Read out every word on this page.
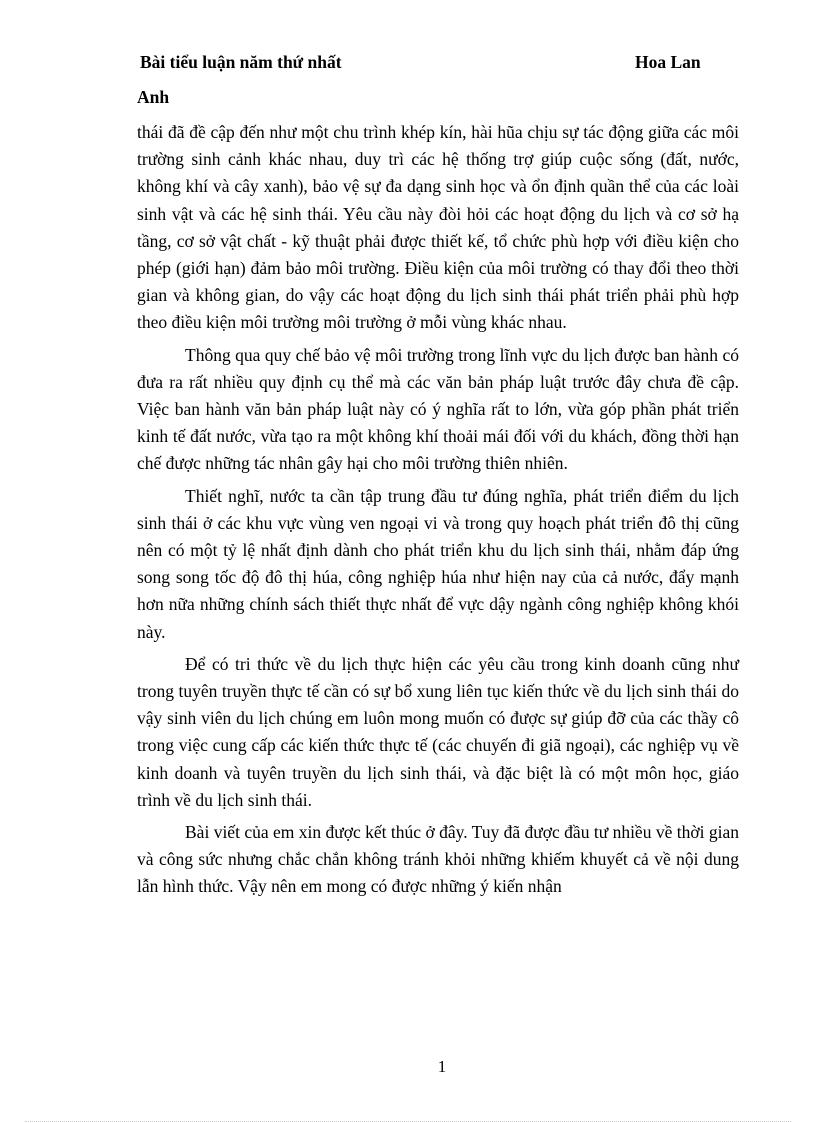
Bài tiểu luận năm thứ nhất	Hoa Lan
Anh

thái đã đề cập đến như một chu trình khép kín, hài hũa chịu sự tác động giữa các môi trường sinh cảnh khác nhau, duy trì các hệ thống trợ giúp cuộc sống (đất, nước, không khí và cây xanh), bảo vệ sự đa dạng sinh học và ổn định quần thể của các loài sinh vật và các hệ sinh thái. Yêu cầu này đòi hỏi các hoạt động du lịch và cơ sở hạ tầng, cơ sở vật chất - kỹ thuật phải được thiết kế, tổ chức phù hợp với điều kiện cho phép (giới hạn) đảm bảo môi trường. Điều kiện của môi trường có thay đổi theo thời gian và không gian, do vậy các hoạt động du lịch sinh thái phát triển phải phù hợp theo điều kiện môi trường môi trường ở mỗi vùng khác nhau.

Thông qua quy chế bảo vệ môi trường trong lĩnh vực du lịch được ban hành có đưa ra rất nhiều quy định cụ thể mà các văn bản pháp luật trước đây chưa đề cập. Việc ban hành văn bản pháp luật này có ý nghĩa rất to lớn, vừa góp phần phát triển kinh tế đất nước, vừa tạo ra một không khí thoải mái đối với du khách, đồng thời hạn chế được những tác nhân gây hại cho môi trường thiên nhiên.

Thiết nghĩ, nước ta cần tập trung đầu tư đúng nghĩa, phát triển điểm du lịch sinh thái ở các khu vực vùng ven ngoại vi và trong quy hoạch phát triển đô thị cũng nên có một tỷ lệ nhất định dành cho phát triển khu du lịch sinh thái, nhằm đáp ứng song song tốc độ đô thị húa, công nghiệp húa như hiện nay của cả nước, đẩy mạnh hơn nữa những chính sách thiết thực nhất để vực dậy ngành công nghiệp không khói này.

Để có tri thức về du lịch thực hiện các yêu cầu trong kinh doanh cũng như trong tuyên truyền thực tế cần có sự bổ xung liên tục kiến thức về du lịch sinh thái do vậy sinh viên du lịch chúng em luôn mong muốn có được sự giúp đỡ của các thầy cô trong việc cung cấp các kiến thức thực tế (các chuyến đi giã ngoại), các nghiệp vụ về kinh doanh và tuyên truyền du lịch sinh thái, và đặc biệt là có một môn học, giáo trình về du lịch sinh thái.

Bài viết của em xin được kết thúc ở đây. Tuy đã được đầu tư nhiều về thời gian và công sức nhưng chắc chắn không tránh khỏi những khiếm khuyết cả về nội dung lẫn hình thức. Vậy nên em mong có được những ý kiến nhận

1
